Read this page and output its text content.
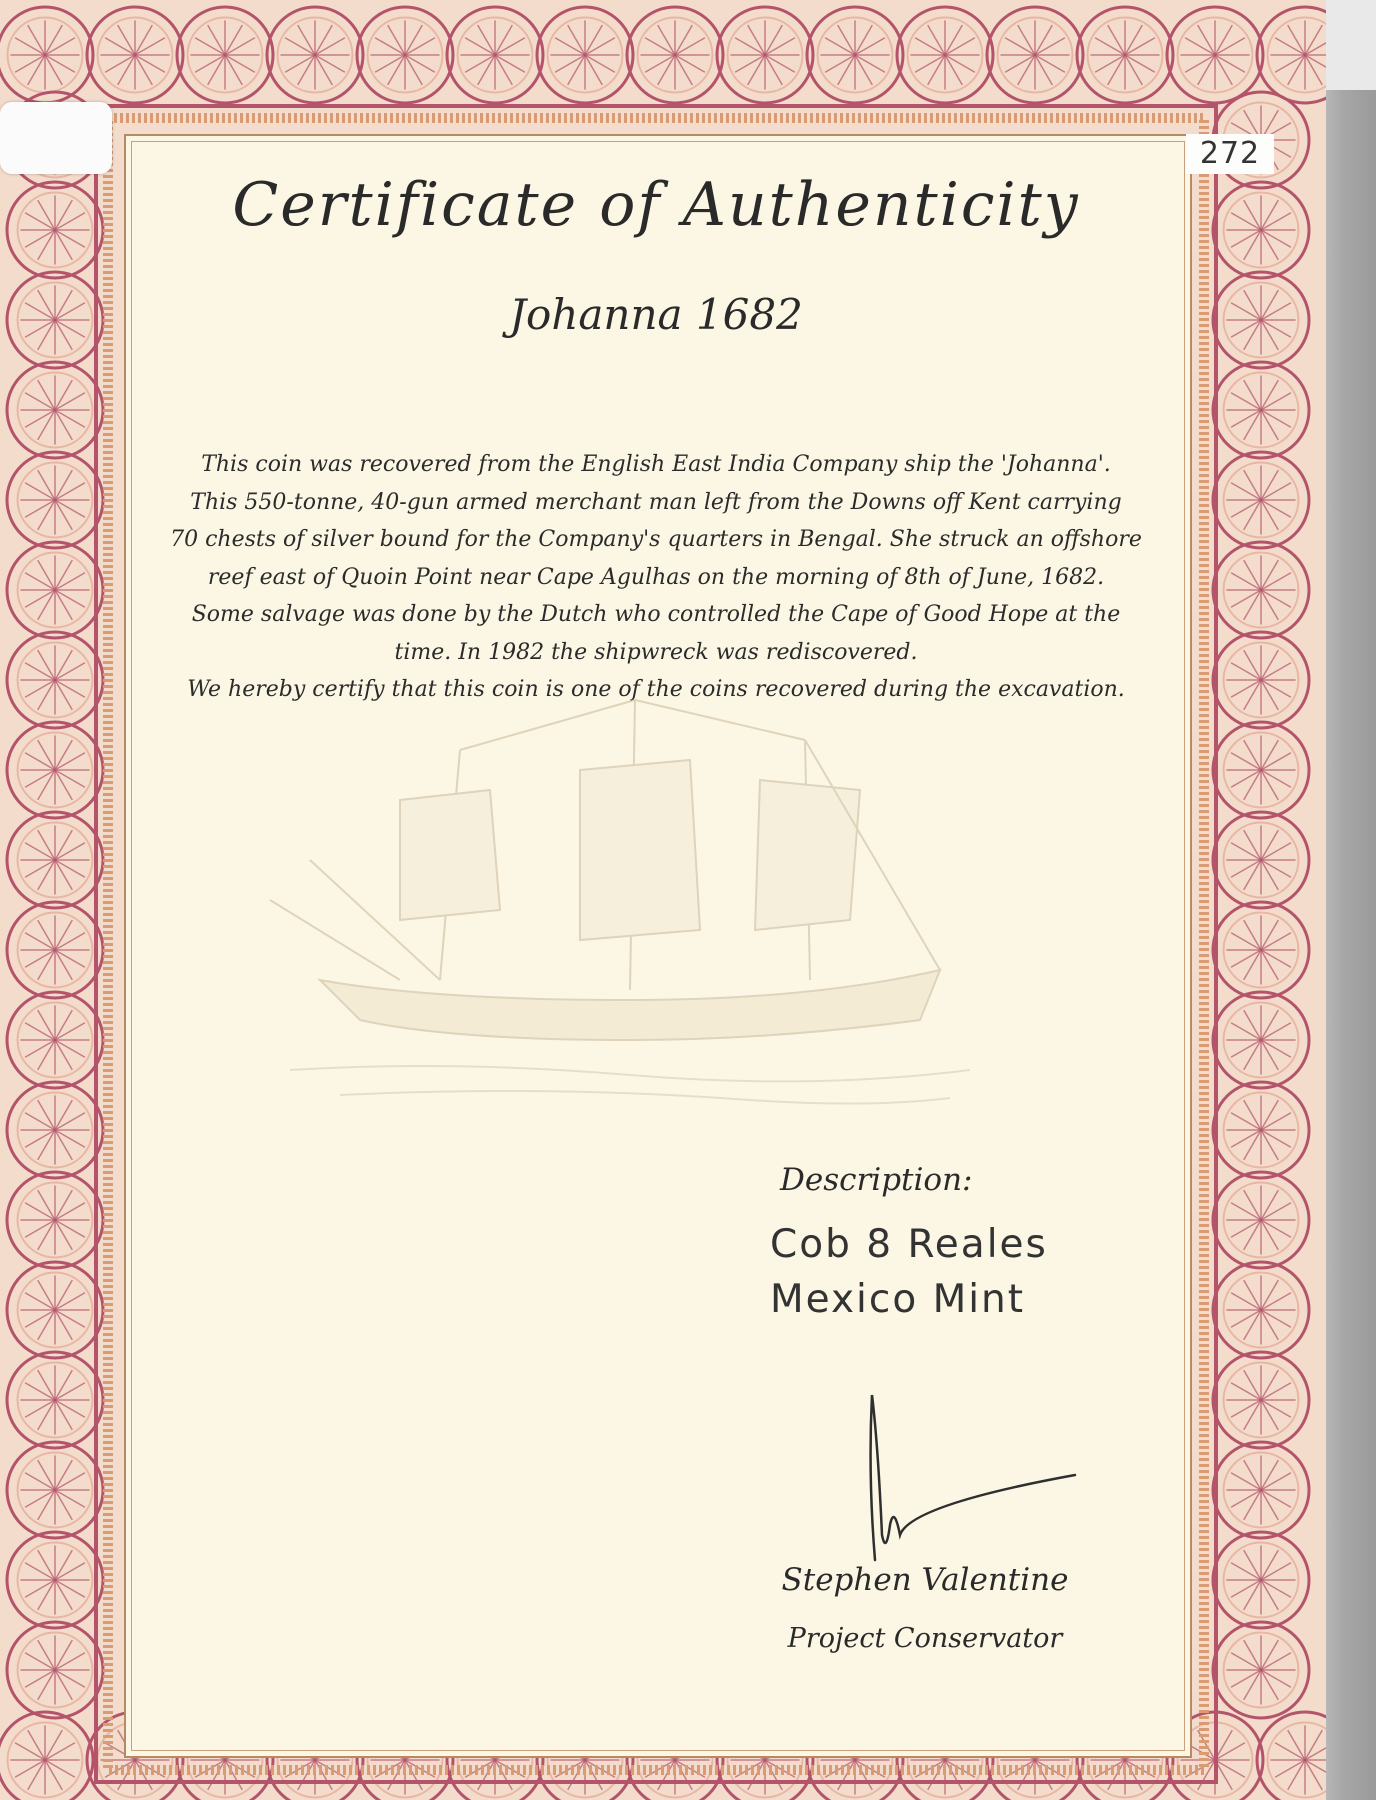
Certificate of Authenticity
Johanna 1682
This coin was recovered from the English East India Company ship the 'Johanna'.
This 550-tonne, 40-gun armed merchant man left from the Downs off Kent carrying
70 chests of silver bound for the Company's quarters in Bengal. She struck an offshore
reef east of Quoin Point near Cape Agulhas on the morning of 8th of June, 1682.
Some salvage was done by the Dutch who controlled the Cape of Good Hope at the
time. In 1982 the shipwreck was rediscovered.
We hereby certify that this coin is one of the coins recovered during the excavation.
Description:
Cob 8 Reales
Mexico Mint
Stephen Valentine
Project Conservator
272
